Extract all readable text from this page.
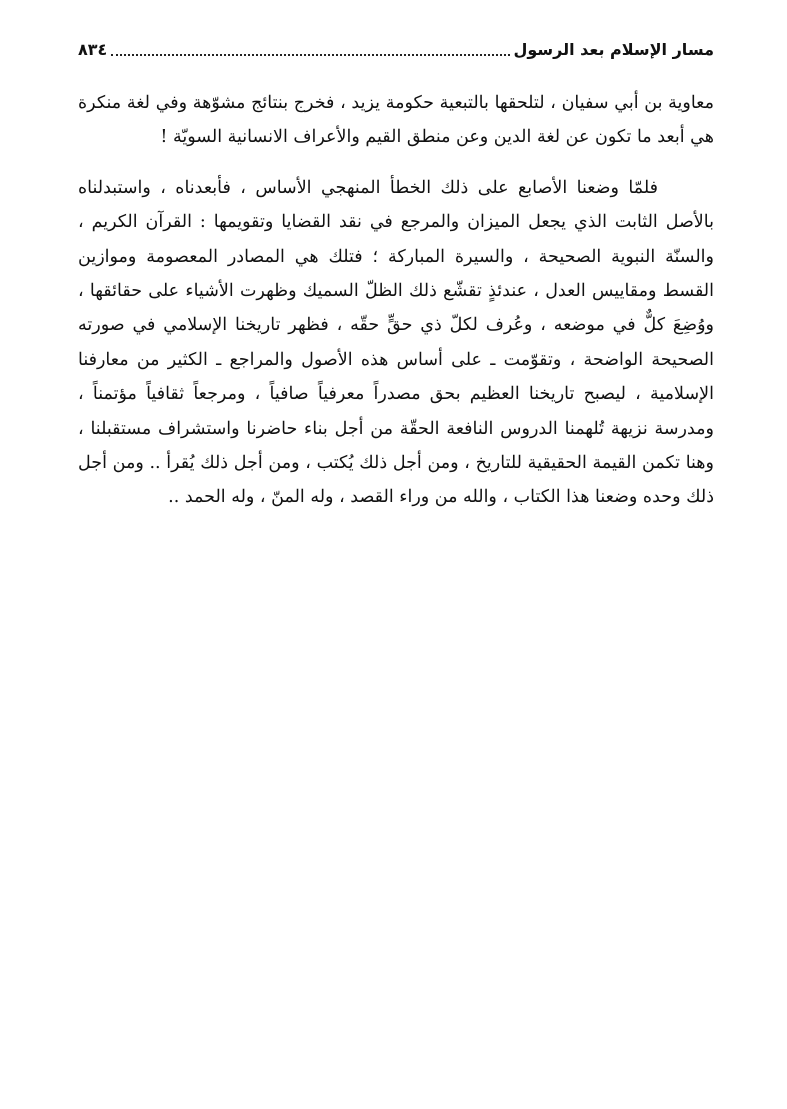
مسار الإسلام بعد الرسول
٨٣٤

معاوية بن أبي سفيان ، لتلحقها بالتبعية حكومة يزيد ، فخرج بنتائج مشوّهة وفي لغة منكرة هي أبعد ما تكون عن لغة الدين وعن منطق القيم والأعراف الانسانية السويّة !

فلمّا وضعنا الأصابع على ذلك الخطأ المنهجي الأساس ، فأبعدناه ، واستبدلناه بالأصل الثابت الذي يجعل الميزان والمرجع في نقد القضايا وتقويمها : القرآن الكريم ، والسنّة النبوية الصحيحة ، والسيرة المباركة ؛ فتلك هي المصادر المعصومة وموازين القسط ومقاييس العدل ، عندئذٍ تقشّع ذلك الظلّ السميك وظهرت الأشياء على حقائقها ، ووُضِعَ كلٌّ في موضعه ، وعُرف لكلّ ذي حقٍّ حقّه ، فظهر تاريخنا الإسلامي في صورته الصحيحة الواضحة ، وتقوّمت ـ على أساس هذه الأصول والمراجع ـ الكثير من معارفنا الإسلامية ، ليصبح تاريخنا العظيم بحق مصدراً معرفياً صافياً ، ومرجعاً ثقافياً مؤتمناً ، ومدرسة نزيهة تُلهمنا الدروس النافعة الحقّة من أجل بناء حاضرنا واستشراف مستقبلنا ، وهنا تكمن القيمة الحقيقية للتاريخ ، ومن أجل ذلك يُكتب ، ومن أجل ذلك يُقرأ .. ومن أجل ذلك وحده وضعنا هذا الكتاب ، والله من وراء القصد ، وله المنّ ، وله الحمد ..
